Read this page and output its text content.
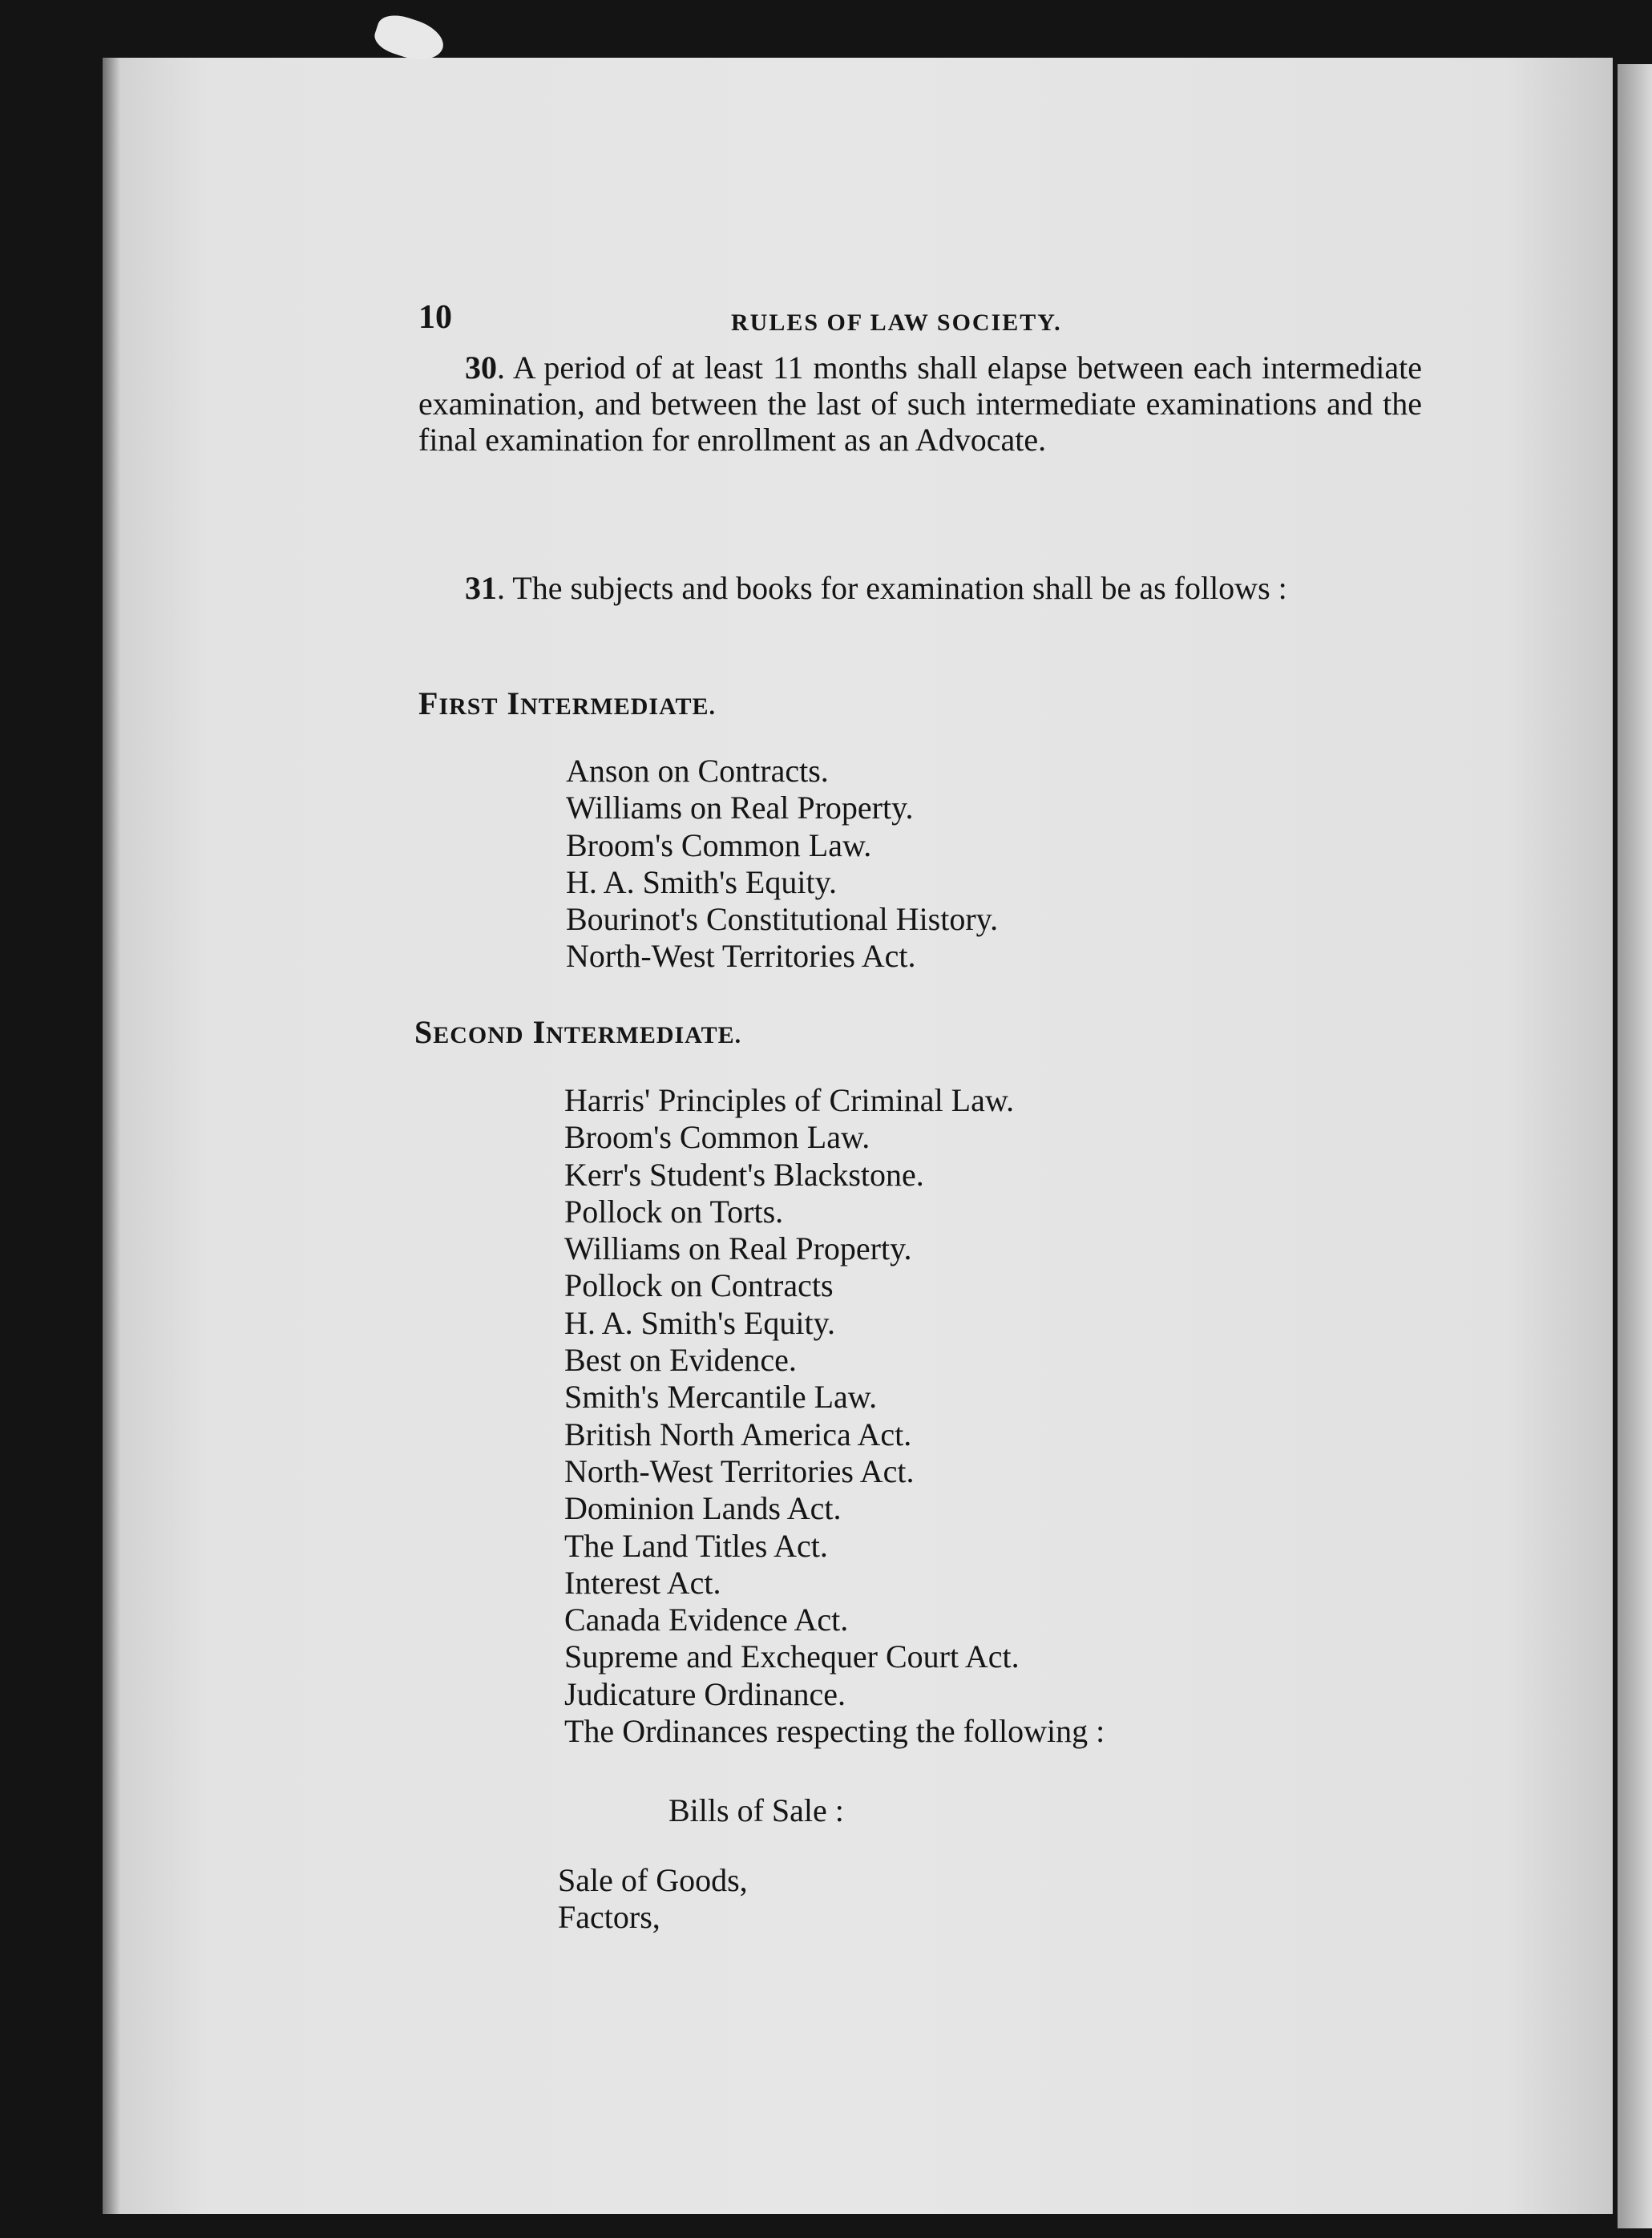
10	RULES OF LAW SOCIETY.

30. A period of at least 11 months shall elapse between each intermediate examination, and between the last of such intermediate examinations and the final examination for enrollment as an Advocate.

31. The subjects and books for examination shall be as follows :

FIRST INTERMEDIATE.
Anson on Contracts.
Williams on Real Property.
Broom's Common Law.
H. A. Smith's Equity.
Bourinot's Constitutional History.
North-West Territories Act.
SECOND INTERMEDIATE.
Harris' Principles of Criminal Law.
Broom's Common Law.
Kerr's Student's Blackstone.
Pollock on Torts.
Williams on Real Property.
Pollock on Contracts
H. A. Smith's Equity.
Best on Evidence.
Smith's Mercantile Law.
British North America Act.
North-West Territories Act.
Dominion Lands Act.
The Land Titles Act.
Interest Act.
Canada Evidence Act.
Supreme and Exchequer Court Act.
Judicature Ordinance.
The Ordinances respecting the following :
Bills of Sale :
Sale of Goods,
Factors,
